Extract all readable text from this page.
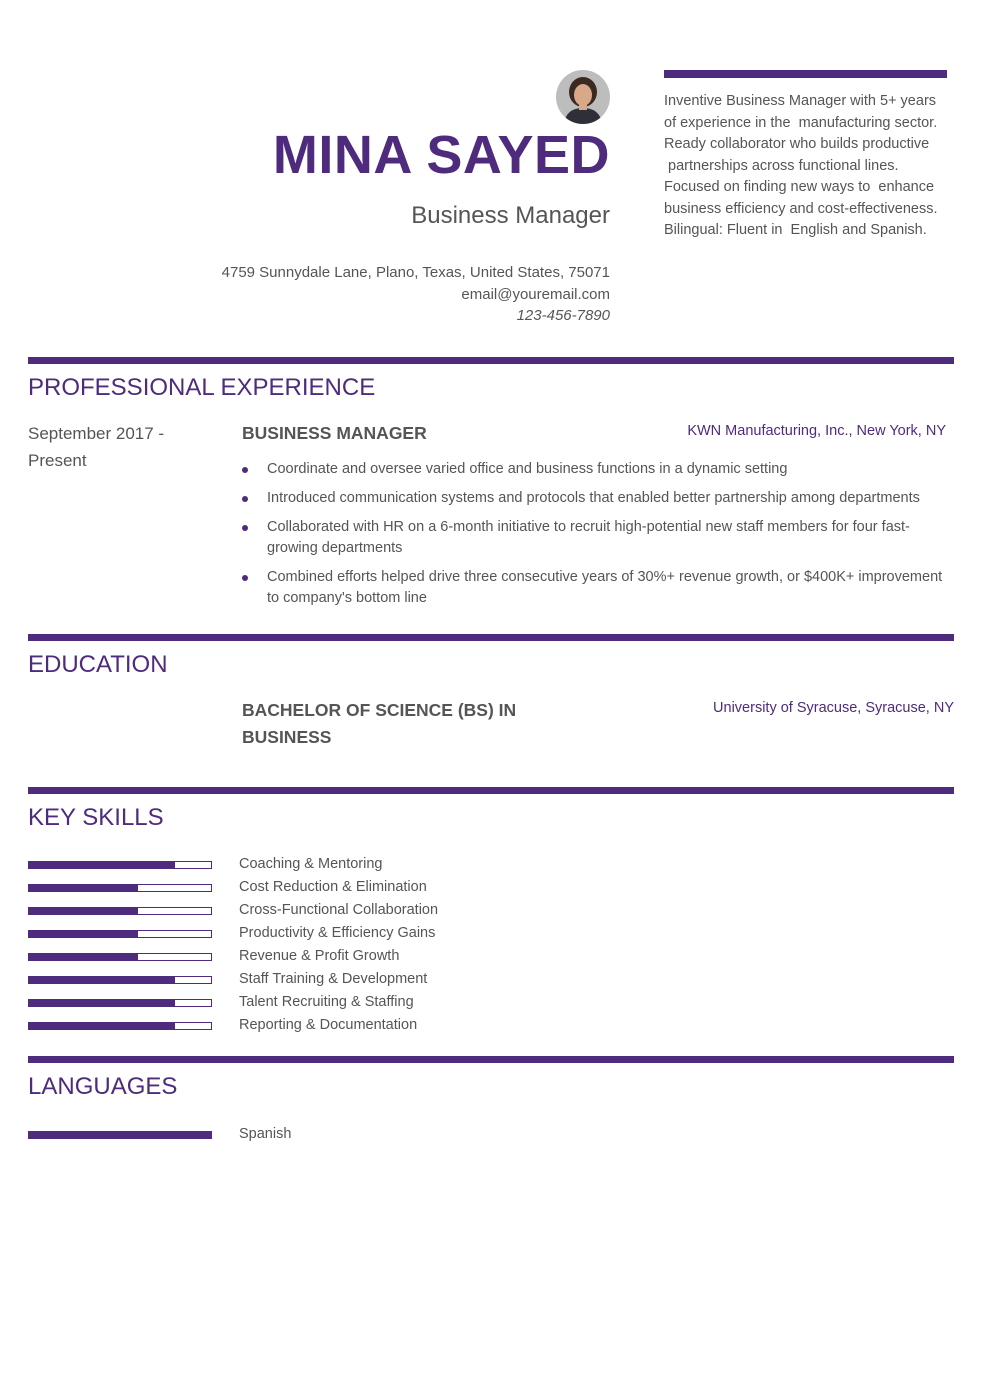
MINA SAYED
Business Manager
4759 Sunnydale Lane, Plano, Texas, United States, 75071
email@youremail.com
123-456-7890
Inventive Business Manager with 5+ years
of experience in the  manufacturing sector.
Ready collaborator who builds productive
partnerships across functional lines.
Focused on finding new ways to  enhance
business efficiency and cost-effectiveness.
Bilingual: Fluent in  English and Spanish.
PROFESSIONAL EXPERIENCE
September 2017 - Present
BUSINESS MANAGER	KWN Manufacturing, Inc., New York, NY
Coordinate and oversee varied office and business functions in a dynamic setting
Introduced communication systems and protocols that enabled better partnership among departments
Collaborated with HR on a 6-month initiative to recruit high-potential new staff members for four fast-growing departments
Combined efforts helped drive three consecutive years of 30%+ revenue growth, or $400K+ improvement to company's bottom line
EDUCATION
BACHELOR OF SCIENCE (BS) IN BUSINESS
University of Syracuse, Syracuse, NY
KEY SKILLS
Coaching & Mentoring
Cost Reduction & Elimination
Cross-Functional Collaboration
Productivity & Efficiency Gains
Revenue & Profit Growth
Staff Training & Development
Talent Recruiting & Staffing
Reporting & Documentation
LANGUAGES
Spanish
